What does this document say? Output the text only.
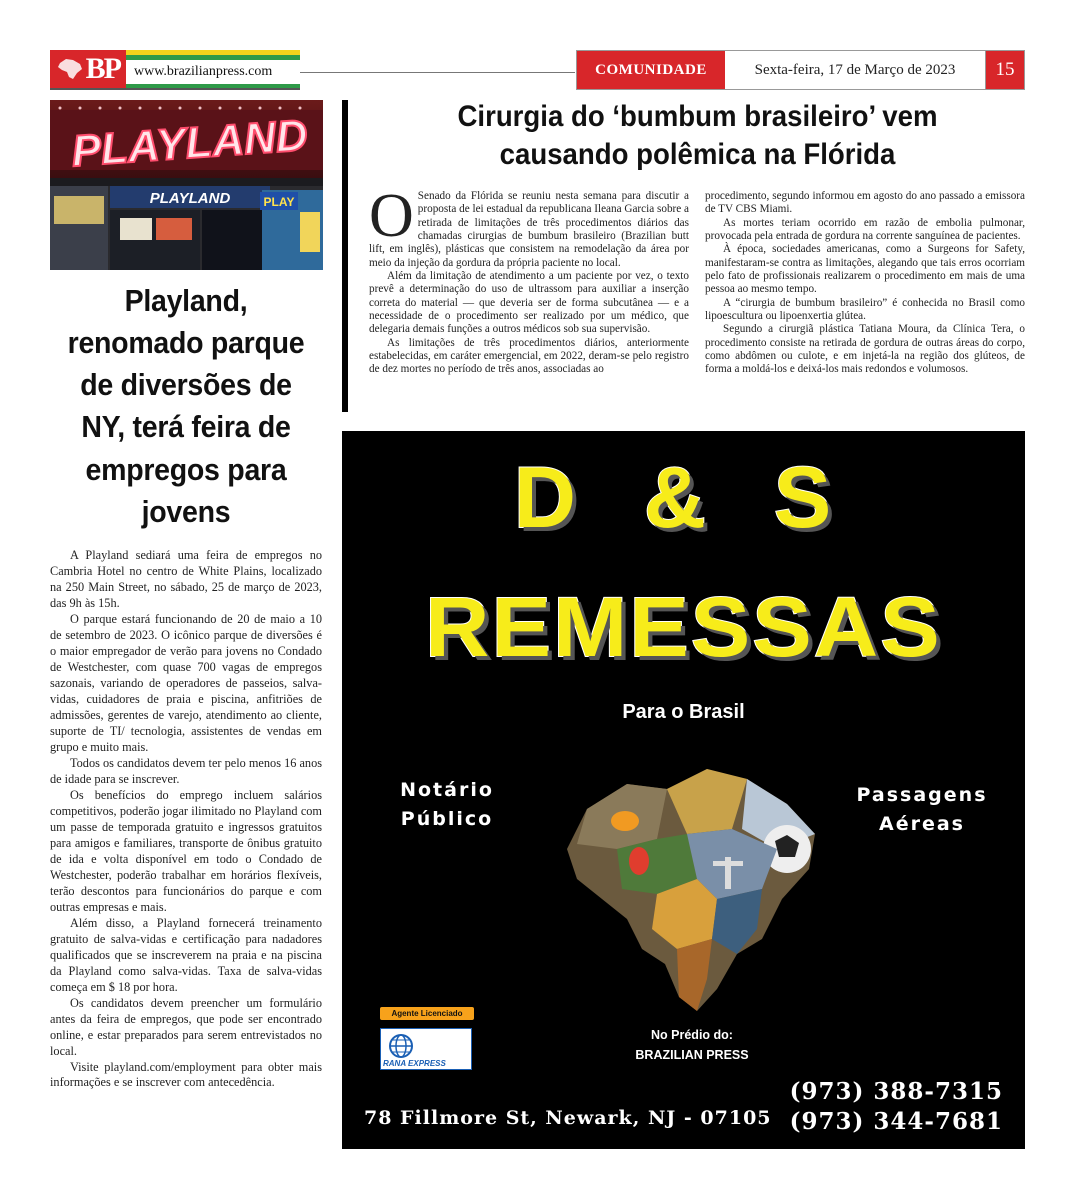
BP	www.brazilianpress.com	COMUNIDADE	Sexta-feira, 17 de Março de 2023	15
PLAYLAND
PLAYLAND	PLAY
Playland, renomado parque de diversões de NY, terá feira de empregos para jovens

A Playland sediará uma feira de empregos no Cambria Hotel no centro de White Plains, localizado na 250 Main Street, no sábado, 25 de março de 2023, das 9h às 15h.

O parque estará funcionando de 20 de maio a 10 de setembro de 2023. O icônico parque de diversões é o maior empregador de verão para jovens no Condado de Westchester, com quase 700 vagas de empregos sazonais, variando de operadores de passeios, salva-vidas, cuidadores de praia e piscina, anfitriões de admissões, gerentes de varejo, atendimento ao cliente, suporte de TI/ tecnologia, assistentes de vendas em grupo e muito mais.

Todos os candidatos devem ter pelo menos 16 anos de idade para se inscrever.

Os benefícios do emprego incluem salários competitivos, poderão jogar ilimitado no Playland com um passe de temporada gratuito e ingressos gratuitos para amigos e familiares, transporte de ônibus gratuito de ida e volta disponível em todo o Condado de Westchester, poderão trabalhar em horários flexíveis, terão descontos para funcionários do parque e com outras empresas e mais.

Além disso, a Playland fornecerá treinamento gratuito de salva-vidas e certificação para nadadores qualificados que se inscreverem na praia e na piscina da Playland como salva-vidas. Taxa de salva-vidas começa em $ 18 por hora.

Os candidatos devem preencher um formulário antes da feira de empregos, que pode ser encontrado online, e estar preparados para serem entrevistados no local.

Visite playland.com/employment para obter mais informações e se inscrever com antecedência.

Cirurgia do ‘bumbum brasileiro’ vem
causando polêmica na Flórida

O Senado da Flórida se reuniu nesta semana para discutir a proposta de lei estadual da republicana Ileana Garcia sobre a retirada de limitações de três procedimentos diários das chamadas cirurgias de bumbum brasileiro (Brazilian butt lift, em inglês), plásticas que consistem na remodelação da área por meio da injeção da gordura da própria paciente no local.

Além da limitação de atendimento a um paciente por vez, o texto prevê a determinação do uso de ultrassom para auxiliar a inserção correta do material — que deveria ser de forma subcutânea — e a necessidade de o procedimento ser realizado por um médico, que delegaria demais funções a outros médicos sob sua supervisão.

As limitações de três procedimentos diários, anteriormente estabelecidas, em caráter emergencial, em 2022, deram-se pelo registro de dez mortes no período de três anos, associadas ao

procedimento, segundo informou em agosto do ano passado a emissora de TV CBS Miami.

As mortes teriam ocorrido em razão de embolia pulmonar, provocada pela entrada de gordura na corrente sanguínea de pacientes.

À época, sociedades americanas, como a Surgeons for Safety, manifestaram-se contra as limitações, alegando que tais erros ocorriam pelo fato de profissionais realizarem o procedimento em mais de uma pessoa ao mesmo tempo.

A “cirurgia de bumbum brasileiro” é conhecida no Brasil como lipoescultura ou lipoenxertia glútea.

Segundo a cirurgiã plástica Tatiana Moura, da Clínica Tera, o procedimento consiste na retirada de gordura de outras áreas do corpo, como abdômen ou culote, e em injetá-la na região dos glúteos, de forma a moldá-los e deixá-los mais redondos e volumosos.

D & S
REMESSAS
Para o Brasil
Notário
Público
Passagens
Aéreas
Agente Licenciado
RANA EXPRESS
No Prédio do:
BRAZILIAN PRESS
78 Fillmore St, Newark, NJ - 07105
(973) 388-7315
(973) 344-7681
